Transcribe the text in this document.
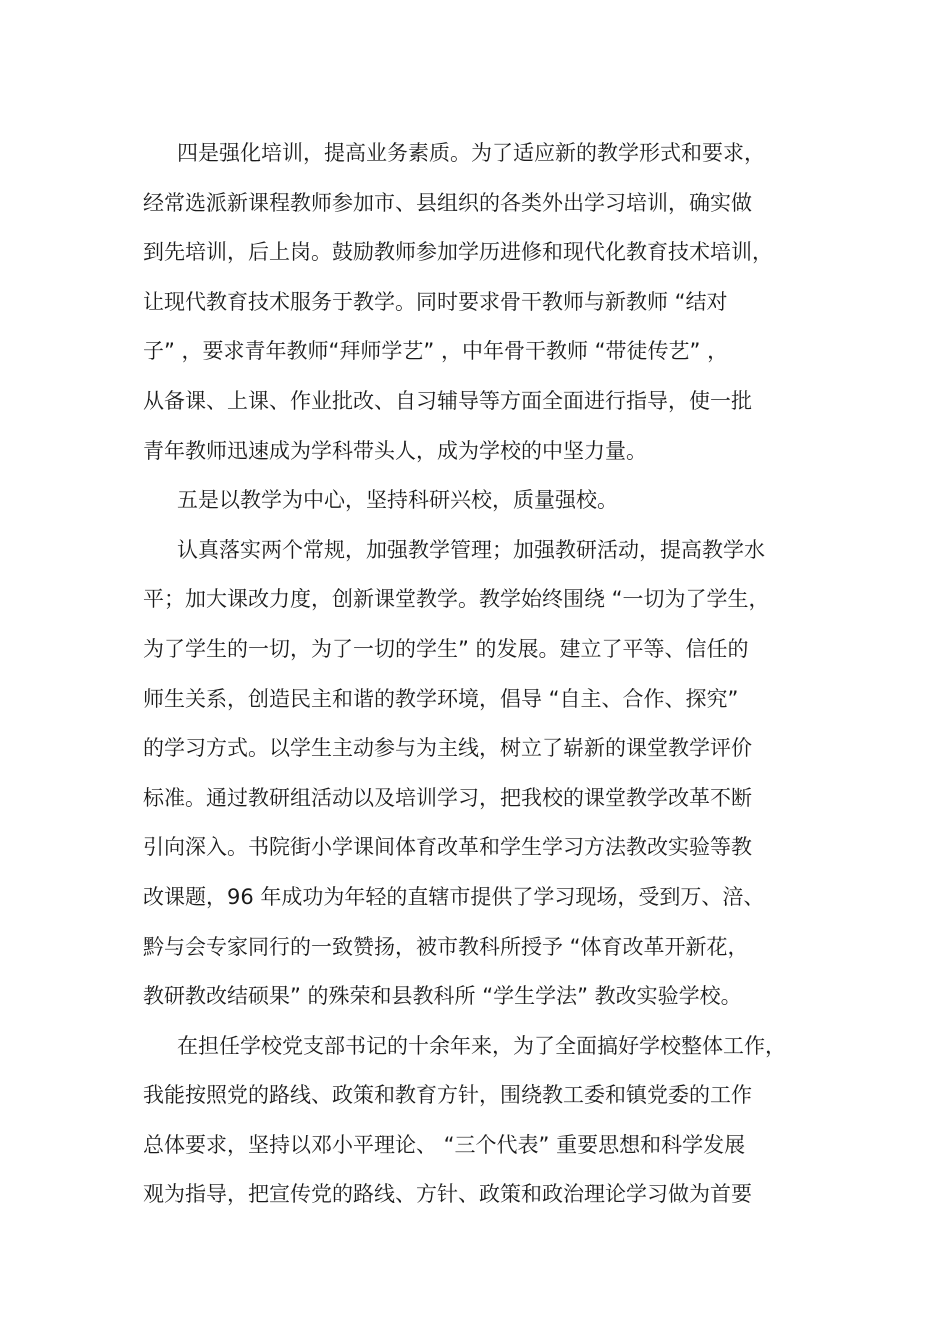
四是强化培训，提高业务素质。为了适应新的教学形式和要求，
经常选派新课程教师参加市、县组织的各类外出学习培训，确实做
到先培训，后上岗。鼓励教师参加学历进修和现代化教育技术培训，
让现代教育技术服务于教学。同时要求骨干教师与新教师 “结对
子” ，要求青年教师“拜师学艺” ，中年骨干教师 “带徒传艺” ，
从备课、上课、作业批改、自习辅导等方面全面进行指导，使一批
青年教师迅速成为学科带头人，成为学校的中坚力量。
五是以教学为中心，坚持科研兴校，质量强校。
认真落实两个常规，加强教学管理；加强教研活动，提高教学水
平；加大课改力度，创新课堂教学。教学始终围绕 “一切为了学生，
为了学生的一切，为了一切的学生” 的发展。建立了平等、信任的
师生关系，创造民主和谐的教学环境，倡导 “自主、合作、探究”
的学习方式。以学生主动参与为主线，树立了崭新的课堂教学评价
标准。通过教研组活动以及培训学习，把我校的课堂教学改革不断
引向深入。书院街小学课间体育改革和学生学习方法教改实验等教
改课题，96 年成功为年轻的直辖市提供了学习现场，受到万、涪、
黔与会专家同行的一致赞扬，被市教科所授予 “体育改革开新花，
教研教改结硕果” 的殊荣和县教科所 “学生学法” 教改实验学校。
在担任学校党支部书记的十余年来，为了全面搞好学校整体工作，
我能按照党的路线、政策和教育方针，围绕教工委和镇党委的工作
总体要求，坚持以邓小平理论、 “三个代表” 重要思想和科学发展
观为指导，把宣传党的路线、方针、政策和政治理论学习做为首要
